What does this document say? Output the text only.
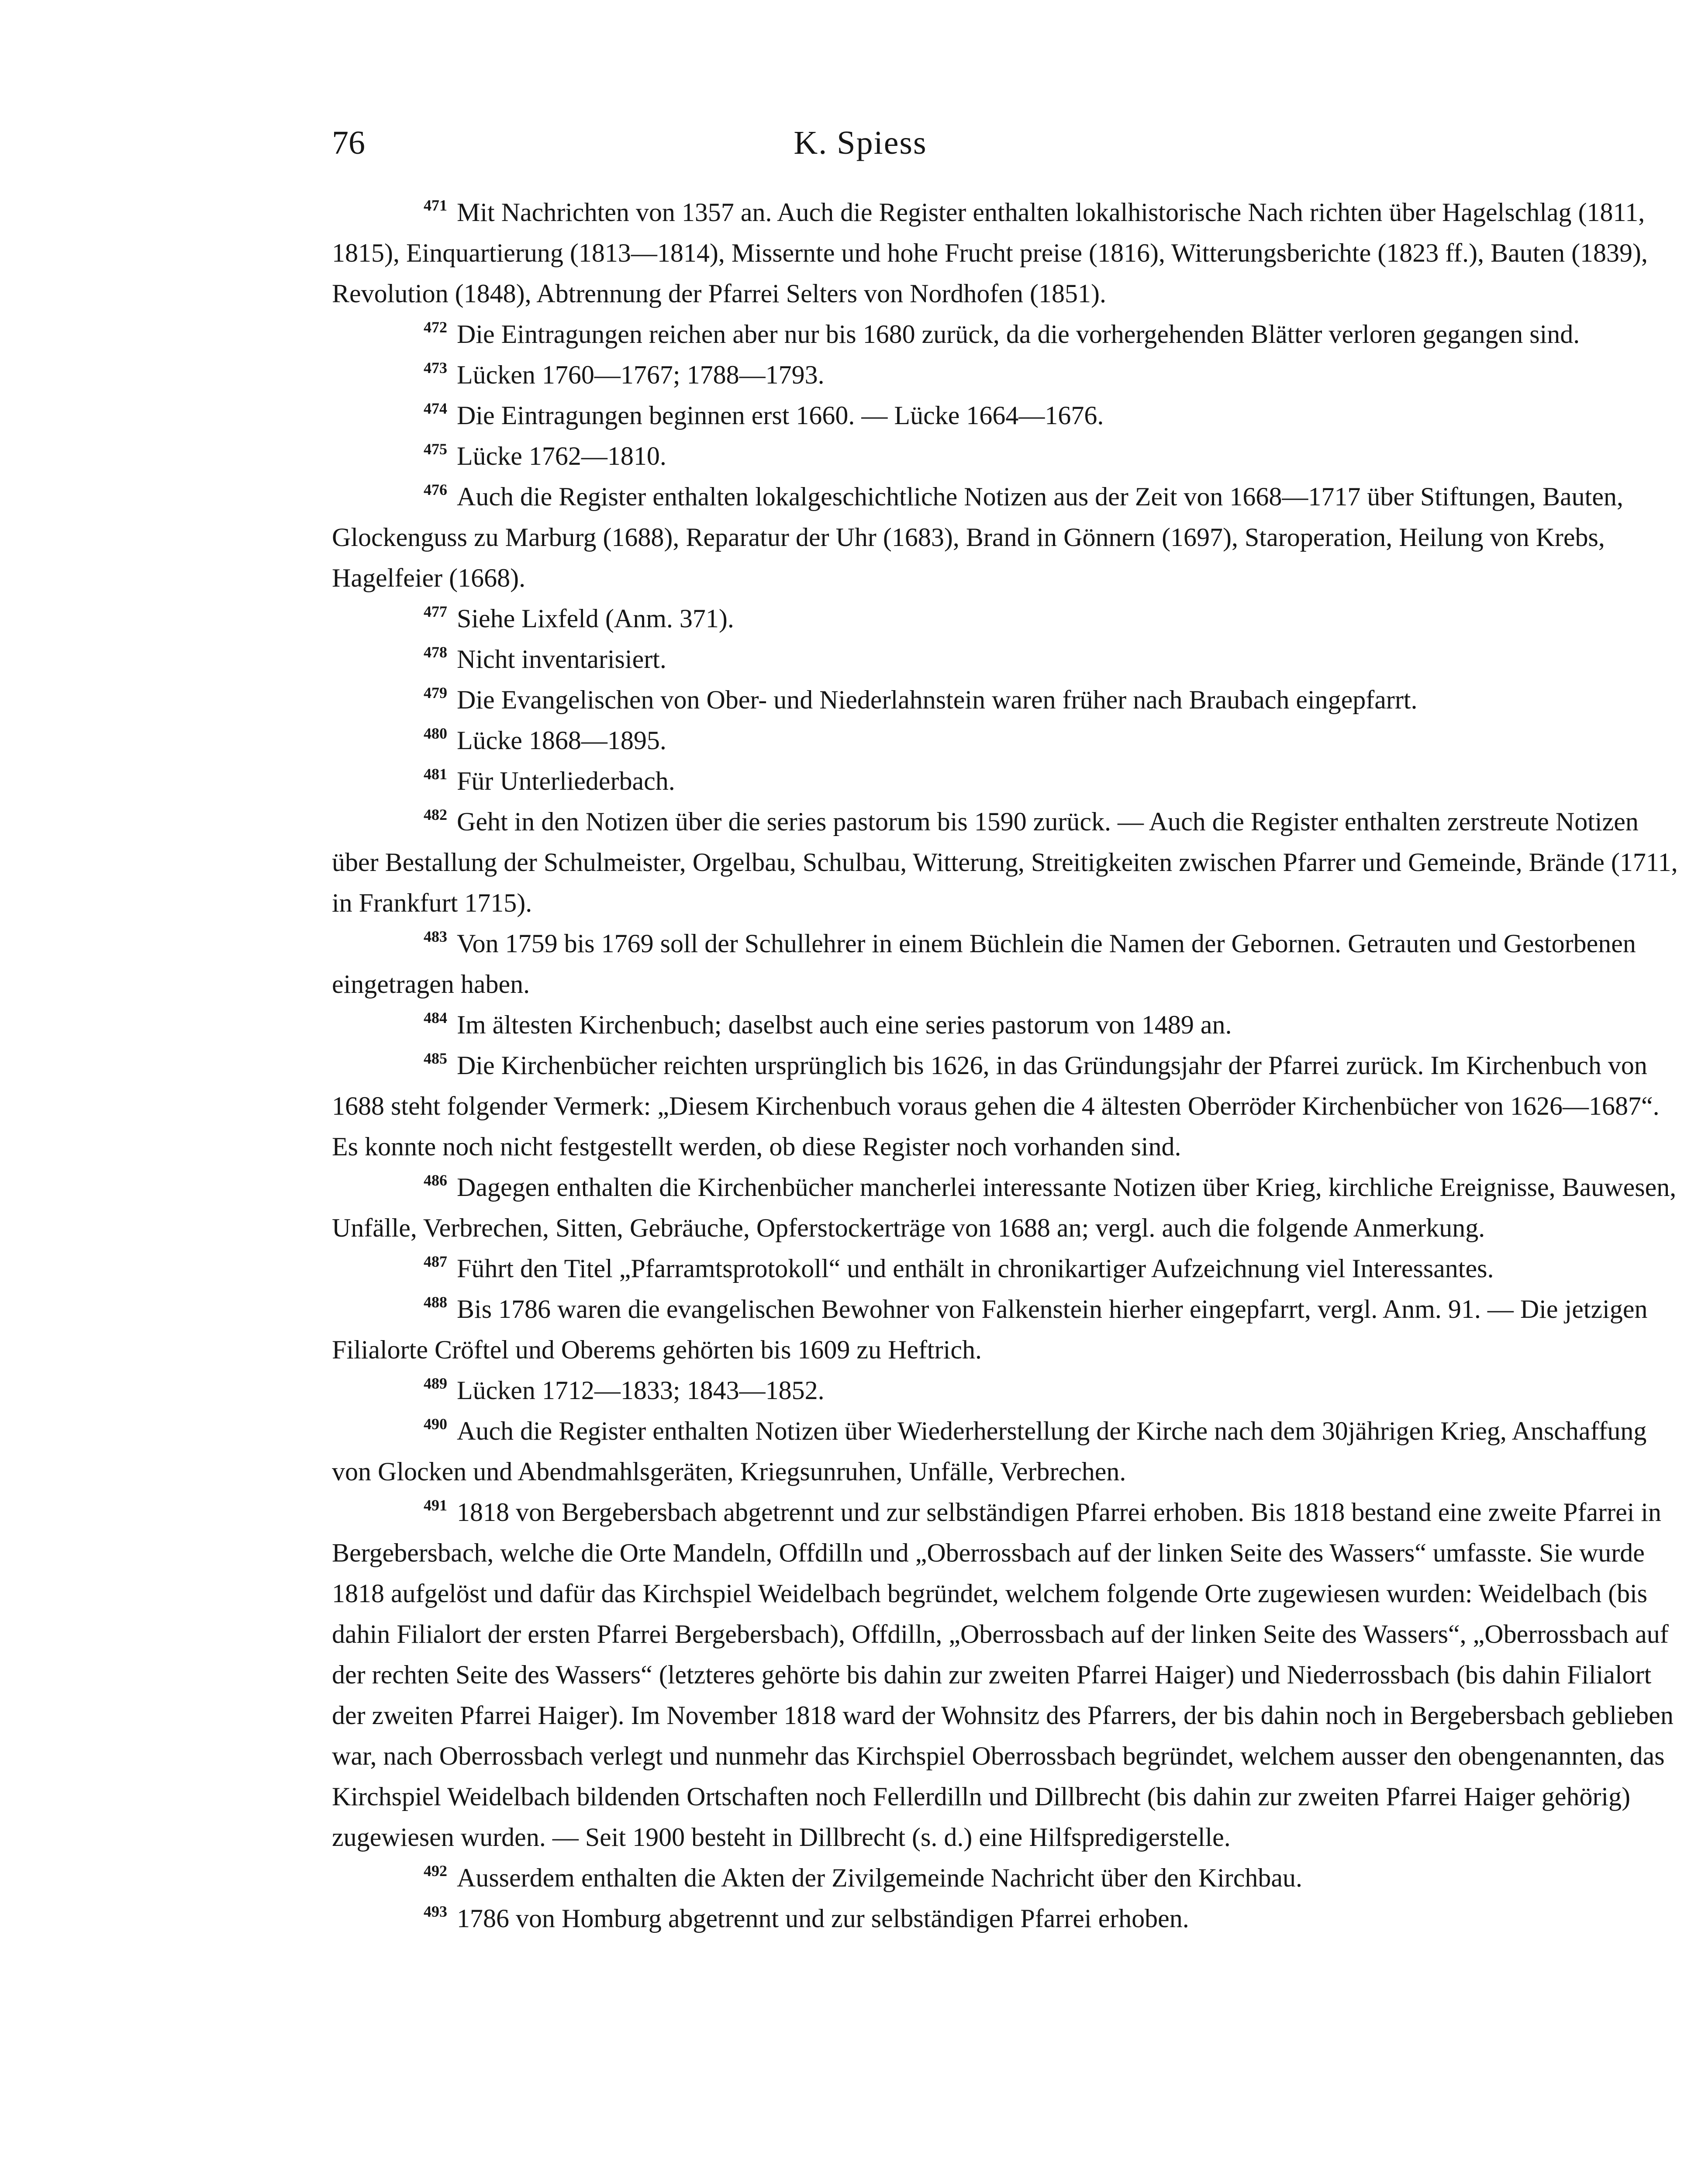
76	K. Spiess

$^{471}$ Mit Nachrichten von 1357 an. Auch die Register enthalten lokalhistorische Nach richten über Hagelschlag (1811, 1815), Einquartierung (1813—1814), Missernte und hohe Frucht preise (1816), Witterungsberichte (1823 ff.), Bauten (1839), Revolution (1848), Abtrennung der Pfarrei Selters von Nordhofen (1851).

$^{472}$ Die Eintragungen reichen aber nur bis 1680 zurück, da die vorhergehenden Blätter verloren gegangen sind.

$^{473}$ Lücken 1760—1767; 1788—1793.

$^{474}$ Die Eintragungen beginnen erst 1660. — Lücke 1664—1676.

$^{475}$ Lücke 1762—1810.

$^{476}$ Auch die Register enthalten lokalgeschichtliche Notizen aus der Zeit von 1668—1717 über Stiftungen, Bauten, Glockenguss zu Marburg (1688), Reparatur der Uhr (1683), Brand in Gönnern (1697), Staroperation, Heilung von Krebs, Hagelfeier (1668).

$^{477}$ Siehe Lixfeld (Anm. 371).

$^{478}$ Nicht inventarisiert.

$^{479}$ Die Evangelischen von Ober- und Niederlahnstein waren früher nach Braubach eingepfarrt.

$^{480}$ Lücke 1868—1895.

$^{481}$ Für Unterliederbach.

$^{482}$ Geht in den Notizen über die series pastorum bis 1590 zurück. — Auch die Register enthalten zerstreute Notizen über Bestallung der Schulmeister, Orgelbau, Schulbau, Witterung, Streitigkeiten zwischen Pfarrer und Gemeinde, Brände (1711, in Frankfurt 1715).

$^{483}$ Von 1759 bis 1769 soll der Schullehrer in einem Büchlein die Namen der Gebornen. Getrauten und Gestorbenen eingetragen haben.

$^{484}$ Im ältesten Kirchenbuch; daselbst auch eine series pastorum von 1489 an.

$^{485}$ Die Kirchenbücher reichten ursprünglich bis 1626, in das Gründungsjahr der Pfarrei zurück. Im Kirchenbuch von 1688 steht folgender Vermerk: „Diesem Kirchenbuch voraus gehen die 4 ältesten Oberröder Kirchenbücher von 1626—1687“. Es konnte noch nicht festgestellt werden, ob diese Register noch vorhanden sind.

$^{486}$ Dagegen enthalten die Kirchenbücher mancherlei interessante Notizen über Krieg, kirchliche Ereignisse, Bauwesen, Unfälle, Verbrechen, Sitten, Gebräuche, Opferstockerträge von 1688 an; vergl. auch die folgende Anmerkung.

$^{487}$ Führt den Titel „Pfarramtsprotokoll“ und enthält in chronikartiger Aufzeichnung viel Interessantes.

$^{488}$ Bis 1786 waren die evangelischen Bewohner von Falkenstein hierher eingepfarrt, vergl. Anm. 91. — Die jetzigen Filialorte Cröftel und Oberems gehörten bis 1609 zu Heftrich.

$^{489}$ Lücken 1712—1833; 1843—1852.

$^{490}$ Auch die Register enthalten Notizen über Wiederherstellung der Kirche nach dem 30jährigen Krieg, Anschaffung von Glocken und Abendmahlsgeräten, Kriegsunruhen, Unfälle, Verbrechen.

$^{491}$ 1818 von Bergebersbach abgetrennt und zur selbständigen Pfarrei erhoben. Bis 1818 bestand eine zweite Pfarrei in Bergebersbach, welche die Orte Mandeln, Offdilln und „Oberrossbach auf der linken Seite des Wassers“ umfasste. Sie wurde 1818 aufgelöst und dafür das Kirchspiel Weidelbach begründet, welchem folgende Orte zugewiesen wurden: Weidelbach (bis dahin Filialort der ersten Pfarrei Bergebersbach), Offdilln, „Oberrossbach auf der linken Seite des Wassers“, „Oberrossbach auf der rechten Seite des Wassers“ (letzteres gehörte bis dahin zur zweiten Pfarrei Haiger) und Niederrossbach (bis dahin Filialort der zweiten Pfarrei Haiger). Im November 1818 ward der Wohnsitz des Pfarrers, der bis dahin noch in Bergebersbach geblieben war, nach Oberrossbach verlegt und nunmehr das Kirchspiel Oberrossbach begründet, welchem ausser den obengenannten, das Kirchspiel Weidelbach bildenden Ortschaften noch Fellerdilln und Dillbrecht (bis dahin zur zweiten Pfarrei Haiger gehörig) zugewiesen wurden. — Seit 1900 besteht in Dillbrecht (s. d.) eine Hilfspredigerstelle.

$^{492}$ Ausserdem enthalten die Akten der Zivilgemeinde Nachricht über den Kirchbau.

$^{493}$ 1786 von Homburg abgetrennt und zur selbständigen Pfarrei erhoben.
